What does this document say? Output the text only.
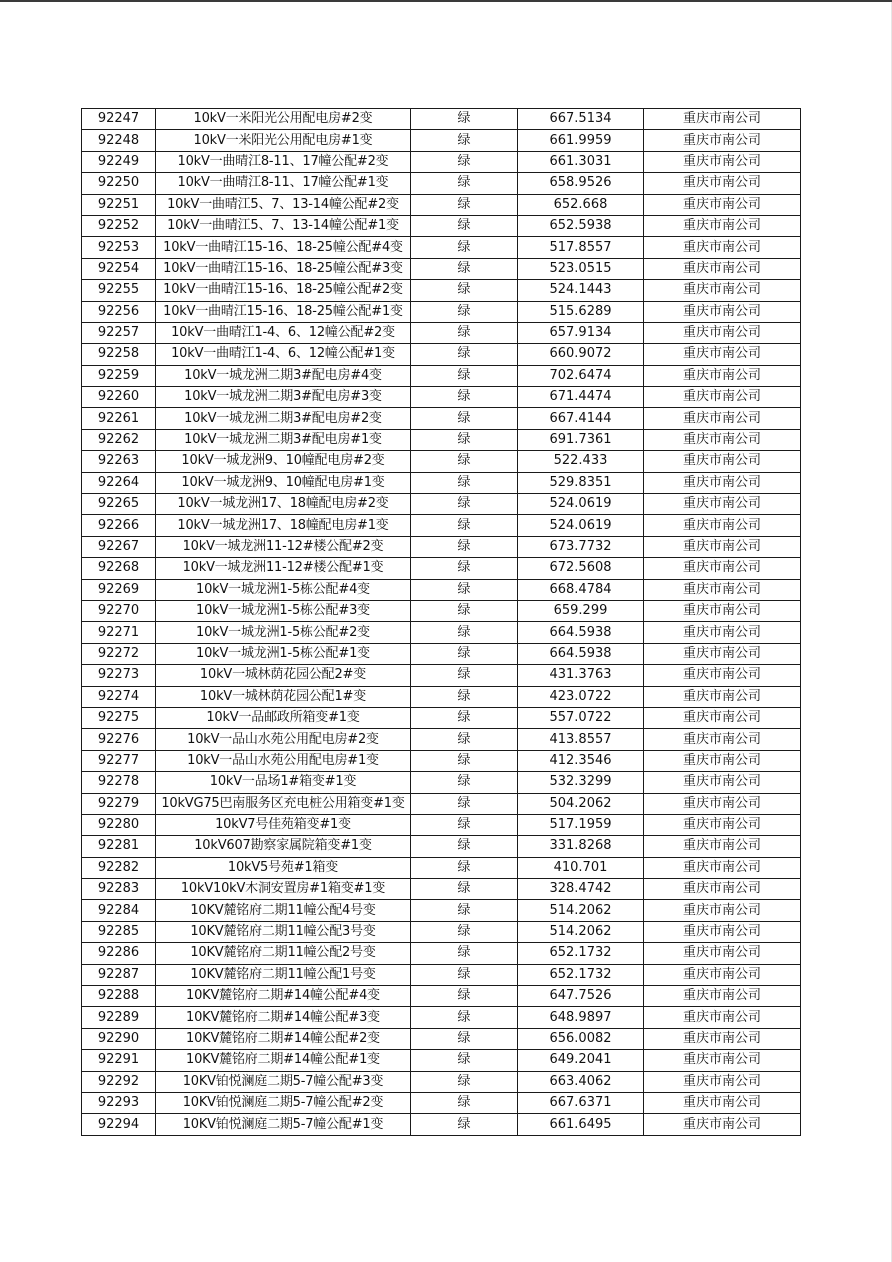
92247	10kV一米阳光公用配电房#2变	绿	667.5134	重庆市南公司
92248	10kV一米阳光公用配电房#1变	绿	661.9959	重庆市南公司
92249	10kV一曲晴江8-11、17幢公配#2变	绿	661.3031	重庆市南公司
92250	10kV一曲晴江8-11、17幢公配#1变	绿	658.9526	重庆市南公司
92251	10kV一曲晴江5、7、13-14幢公配#2变	绿	652.668	重庆市南公司
92252	10kV一曲晴江5、7、13-14幢公配#1变	绿	652.5938	重庆市南公司
92253	10kV一曲晴江15-16、18-25幢公配#4变	绿	517.8557	重庆市南公司
92254	10kV一曲晴江15-16、18-25幢公配#3变	绿	523.0515	重庆市南公司
92255	10kV一曲晴江15-16、18-25幢公配#2变	绿	524.1443	重庆市南公司
92256	10kV一曲晴江15-16、18-25幢公配#1变	绿	515.6289	重庆市南公司
92257	10kV一曲晴江1-4、6、12幢公配#2变	绿	657.9134	重庆市南公司
92258	10kV一曲晴江1-4、6、12幢公配#1变	绿	660.9072	重庆市南公司
92259	10kV一城龙洲二期3#配电房#4变	绿	702.6474	重庆市南公司
92260	10kV一城龙洲二期3#配电房#3变	绿	671.4474	重庆市南公司
92261	10kV一城龙洲二期3#配电房#2变	绿	667.4144	重庆市南公司
92262	10kV一城龙洲二期3#配电房#1变	绿	691.7361	重庆市南公司
92263	10kV一城龙洲9、10幢配电房#2变	绿	522.433	重庆市南公司
92264	10kV一城龙洲9、10幢配电房#1变	绿	529.8351	重庆市南公司
92265	10kV一城龙洲17、18幢配电房#2变	绿	524.0619	重庆市南公司
92266	10kV一城龙洲17、18幢配电房#1变	绿	524.0619	重庆市南公司
92267	10kV一城龙洲11-12#楼公配#2变	绿	673.7732	重庆市南公司
92268	10kV一城龙洲11-12#楼公配#1变	绿	672.5608	重庆市南公司
92269	10kV一城龙洲1-5栋公配#4变	绿	668.4784	重庆市南公司
92270	10kV一城龙洲1-5栋公配#3变	绿	659.299	重庆市南公司
92271	10kV一城龙洲1-5栋公配#2变	绿	664.5938	重庆市南公司
92272	10kV一城龙洲1-5栋公配#1变	绿	664.5938	重庆市南公司
92273	10kV一城林荫花园公配2#变	绿	431.3763	重庆市南公司
92274	10kV一城林荫花园公配1#变	绿	423.0722	重庆市南公司
92275	10kV一品邮政所箱变#1变	绿	557.0722	重庆市南公司
92276	10kV一品山水苑公用配电房#2变	绿	413.8557	重庆市南公司
92277	10kV一品山水苑公用配电房#1变	绿	412.3546	重庆市南公司
92278	10kV一品场1#箱变#1变	绿	532.3299	重庆市南公司
92279	10kVG75巴南服务区充电桩公用箱变#1变	绿	504.2062	重庆市南公司
92280	10kV7号佳苑箱变#1变	绿	517.1959	重庆市南公司
92281	10kV607勘察家属院箱变#1变	绿	331.8268	重庆市南公司
92282	10kV5号苑#1箱变	绿	410.701	重庆市南公司
92283	10kV10kV木洞安置房#1箱变#1变	绿	328.4742	重庆市南公司
92284	10KV麓铭府二期11幢公配4号变	绿	514.2062	重庆市南公司
92285	10KV麓铭府二期11幢公配3号变	绿	514.2062	重庆市南公司
92286	10KV麓铭府二期11幢公配2号变	绿	652.1732	重庆市南公司
92287	10KV麓铭府二期11幢公配1号变	绿	652.1732	重庆市南公司
92288	10KV麓铭府二期#14幢公配#4变	绿	647.7526	重庆市南公司
92289	10KV麓铭府二期#14幢公配#3变	绿	648.9897	重庆市南公司
92290	10KV麓铭府二期#14幢公配#2变	绿	656.0082	重庆市南公司
92291	10KV麓铭府二期#14幢公配#1变	绿	649.2041	重庆市南公司
92292	10KV铂悦澜庭二期5-7幢公配#3变	绿	663.4062	重庆市南公司
92293	10KV铂悦澜庭二期5-7幢公配#2变	绿	667.6371	重庆市南公司
92294	10KV铂悦澜庭二期5-7幢公配#1变	绿	661.6495	重庆市南公司
